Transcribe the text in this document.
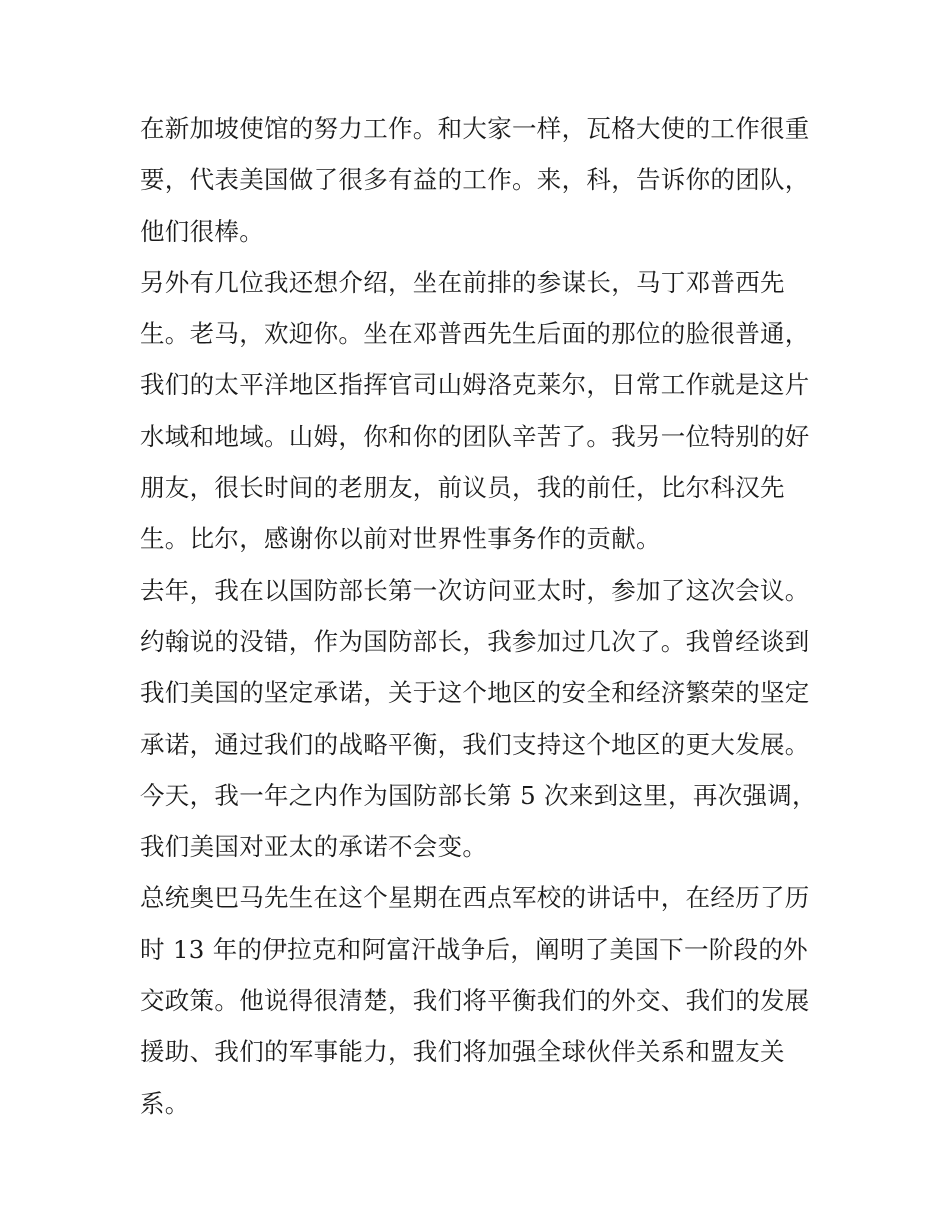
在新加坡使馆的努力工作。和大家一样，瓦格大使的工作很重要，代表美国做了很多有益的工作。来，科，告诉你的团队，他们很棒。

另外有几位我还想介绍，坐在前排的参谋长，马丁邓普西先生。老马，欢迎你。坐在邓普西先生后面的那位的脸很普通，我们的太平洋地区指挥官司山姆洛克莱尔，日常工作就是这片水域和地域。山姆，你和你的团队辛苦了。我另一位特别的好朋友，很长时间的老朋友，前议员，我的前任，比尔科汉先生。比尔，感谢你以前对世界性事务作的贡献。

去年，我在以国防部长第一次访问亚太时，参加了这次会议。约翰说的没错，作为国防部长，我参加过几次了。我曾经谈到我们美国的坚定承诺，关于这个地区的安全和经济繁荣的坚定承诺，通过我们的战略平衡，我们支持这个地区的更大发展。今天，我一年之内作为国防部长第 5 次来到这里，再次强调，我们美国对亚太的承诺不会变。

总统奥巴马先生在这个星期在西点军校的讲话中，在经历了历时 13 年的伊拉克和阿富汗战争后，阐明了美国下一阶段的外交政策。他说得很清楚，我们将平衡我们的外交、我们的发展援助、我们的军事能力，我们将加强全球伙伴关系和盟友关系。
